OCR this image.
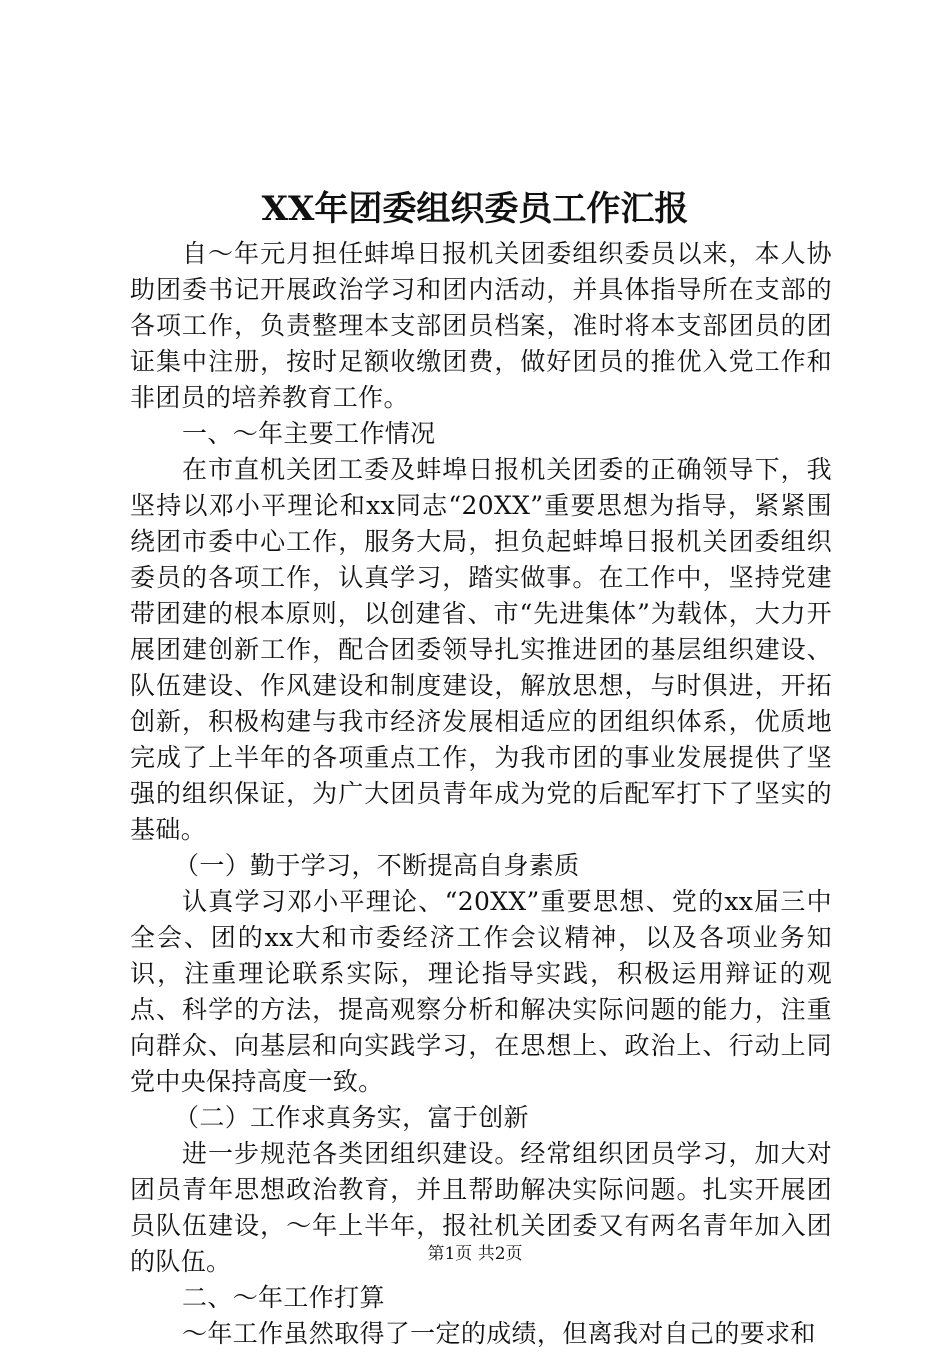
XX年团委组织委员工作汇报

自～年元月担任蚌埠日报机关团委组织委员以来，本人协助团委书记开展政治学习和团内活动，并具体指导所在支部的各项工作，负责整理本支部团员档案，准时将本支部团员的团证集中注册，按时足额收缴团费，做好团员的推优入党工作和非团员的培养教育工作。

一、～年主要工作情况

在市直机关团工委及蚌埠日报机关团委的正确领导下，我坚持以邓小平理论和xx同志“20XX”重要思想为指导，紧紧围绕团市委中心工作，服务大局，担负起蚌埠日报机关团委组织委员的各项工作，认真学习，踏实做事。在工作中，坚持党建带团建的根本原则，以创建省、市“先进集体”为载体，大力开展团建创新工作，配合团委领导扎实推进团的基层组织建设、队伍建设、作风建设和制度建设，解放思想，与时俱进，开拓创新，积极构建与我市经济发展相适应的团组织体系，优质地完成了上半年的各项重点工作，为我市团的事业发展提供了坚强的组织保证，为广大团员青年成为党的后配军打下了坚实的基础。

（一）勤于学习，不断提高自身素质

认真学习邓小平理论、“20XX”重要思想、党的xx届三中全会、团的xx大和市委经济工作会议精神，以及各项业务知识，注重理论联系实际，理论指导实践，积极运用辩证的观点、科学的方法，提高观察分析和解决实际问题的能力，注重向群众、向基层和向实践学习，在思想上、政治上、行动上同党中央保持高度一致。

（二）工作求真务实，富于创新

进一步规范各类团组织建设。经常组织团员学习，加大对团员青年思想政治教育，并且帮助解决实际问题。扎实开展团员队伍建设，～年上半年，报社机关团委又有两名青年加入团的队伍。

二、～年工作打算

～年工作虽然取得了一定的成绩，但离我对自己的要求和

第1页 共2页
